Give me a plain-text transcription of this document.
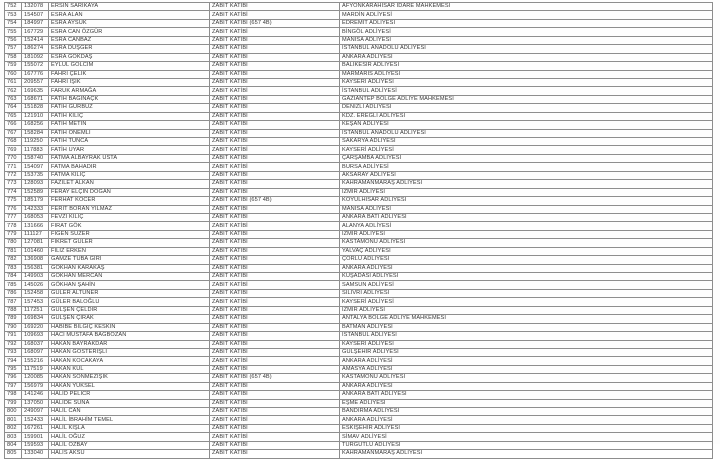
752	132078	ERSİN SARIKAYA	ZABIT KATİBİ	AFYONKARAHİSAR İDARE MAHKEMESİ
753	154507	ESRA ALAN	ZABIT KATİBİ	MARDİN ADLİYESİ
754	184997	ESRA AYSUK	ZABIT KATİBİ (657 4B)	EDREMİT ADLİYESİ
755	167729	ESRA CAN ÖZGÜR	ZABIT KATİBİ	BİNGÖL ADLİYESİ
756	152414	ESRA CANBAZ	ZABIT KATİBİ	MANİSA ADLİYESİ
757	186274	ESRA DÜŞGER	ZABIT KATİBİ	İSTANBUL ANADOLU ADLİYESİ
758	181092	ESRA GÖKDAŞ	ZABIT KATİBİ	ANKARA ADLİYESİ
759	155072	EYLÜL GÖLCİM	ZABIT KATİBİ	BALIKESİR ADLİYESİ
760	167776	FAHRİ ÇELİK	ZABIT KATİBİ	MARMARİS ADLİYESİ
761	209557	FAHRİ IŞIK	ZABIT KATİBİ	KAYSERİ ADLİYESİ
762	169635	FARUK ARMAĞA	ZABIT KATİBİ	İSTANBUL ADLİYESİ
763	168671	FATİH BAĞINAÇK	ZABIT KATİBİ	GAZİANTEP BÖLGE ADLİYE MAHKEMESİ
764	151828	FATİH GÜRBÜZ	ZABIT KATİBİ	DENİZLİ ADLİYESİ
765	121910	FATİH KILIÇ	ZABIT KATİBİ	KDZ. EREĞLİ ADLİYESİ
766	168256	FATİH METİN	ZABIT KATİBİ	KEŞAN ADLİYESİ
767	158284	FATİH ÖNEMLİ	ZABIT KATİBİ	İSTANBUL ANADOLU ADLİYESİ
768	119250	FATİH TUNCA	ZABIT KATİBİ	SAKARYA ADLİYESİ
769	117883	FATİH UYAR	ZABIT KATİBİ	KAYSERİ ADLİYESİ
770	158740	FATMA ALBAYRAK USTA	ZABIT KATİBİ	ÇARŞAMBA ADLİYESİ
771	154097	FATMA BAHADIR	ZABIT KATİBİ	BURSA ADLİYESİ
772	153735	FATMA KILIÇ	ZABIT KATİBİ	AKSARAY ADLİYESİ
773	128093	FAZİLET ALKAN	ZABIT KATİBİ	KAHRAMANMARAŞ ADLİYESİ
774	152589	FERAY ELÇİN DOĞAN	ZABIT KATİBİ	İZMİR ADLİYESİ
775	185179	FERHAT KOCER	ZABIT KATİBİ (657 4B)	KOYULHİSAR ADLİYESİ
776	142333	FERİT BORAN YILMAZ	ZABIT KATİBİ	MANİSA ADLİYESİ
777	168053	FEVZİ KILIÇ	ZABIT KATİBİ	ANKARA BATI ADLİYESİ
778	131666	FIRAT GÖK	ZABIT KATİBİ	ALANYA ADLİYESİ
779	111127	FİGEN SÜZER	ZABIT KATİBİ	İZMİR ADLİYESİ
780	127081	FİKRET GÜLER	ZABIT KATİBİ	KASTAMONU ADLİYESİ
781	101460	FİLİZ ERKEN	ZABIT KATİBİ	YALVAÇ ADLİYESİ
782	136908	GAMZE TUBA GİRİ	ZABIT KATİBİ	ÇORLU ADLİYESİ
783	156381	GÖKHAN KARAKAŞ	ZABIT KATİBİ	ANKARA ADLİYESİ
784	149903	GÖKHAN MERCAN	ZABIT KATİBİ	KUŞADASI ADLİYESİ
785	145026	GÖKHAN ŞAHİN	ZABIT KATİBİ	SAMSUN ADLİYESİ
786	152458	GÜLER ALTUNER	ZABIT KATİBİ	SİLİVRİ ADLİYESİ
787	157453	GÜLER BALOĞLU	ZABIT KATİBİ	KAYSERİ ADLİYESİ
788	117251	GÜLŞEN ÇELDİR	ZABIT KATİBİ	İZMİR ADLİYESİ
789	169834	GÜLŞEN ÇIRAK	ZABIT KATİBİ	ANTALYA BÖLGE ADLİYE MAHKEMESİ
790	169220	HABİBE BİLGİÇ KESKİN	ZABIT KATİBİ	BATMAN ADLİYESİ
791	109693	HACI MUSTAFA BAĞBOZAN	ZABIT KATİBİ	İSTANBUL ADLİYESİ
792	168037	HAKAN BAYRAKDAR	ZABIT KATİBİ	KAYSERİ ADLİYESİ
793	168097	HAKAN GÖSTERİŞLİ	ZABIT KATİBİ	GÜLŞEHİR ADLİYESİ
794	155216	HAKAN KOCAKAYA	ZABIT KATİBİ	ANKARA ADLİYESİ
795	117519	HAKAN KUL	ZABIT KATİBİ	AMASYA ADLİYESİ
796	120085	HAKAN SÖNMEZIŞIK	ZABIT KATİBİ (657 4B)	KASTAMONU ADLİYESİ
797	156979	HAKAN YÜKSEL	ZABIT KATİBİ	ANKARA ADLİYESİ
798	141246	HALİD PELİCR	ZABIT KATİBİ	ANKARA BATI ADLİYESİ
799	137050	HALİDE SUNA	ZABIT KATİBİ	EŞME ADLİYESİ
800	249097	HALİL CAN	ZABIT KATİBİ	BANDIRMA ADLİYESİ
801	152433	HALİL İBRAHİM TEMEL	ZABIT KATİBİ	ANKARA ADLİYESİ
802	167261	HALİL KIŞLA	ZABIT KATİBİ	ESKİŞEHİR ADLİYESİ
803	159901	HALİL OĞUZ	ZABIT KATİBİ	SİMAV ADLİYESİ
804	159593	HALİL ÖZBAY	ZABIT KATİBİ	TURGUTLU ADLİYESİ
805	133040	HALİS AKSU	ZABIT KATİBİ	KAHRAMANMARAŞ ADLİYESİ
